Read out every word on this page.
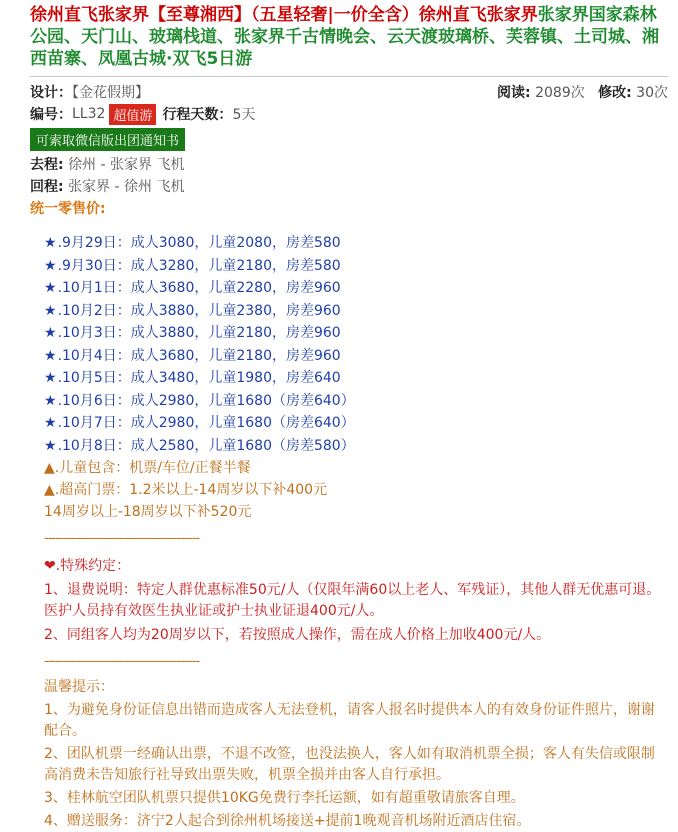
徐州直飞张家界【至尊湘西】（五星轻奢|一价全含）徐州直飞张家界张家界国家森林公园、天门山、玻璃栈道、张家界千古情晚会、云天渡玻璃桥、芙蓉镇、土司城、湘西苗寨、凤凰古城·双飞5日游
设计：【金花假期】	阅读: 2089次 修改: 30次
编号： LL32 超值游 行程天数： 5天
可索取微信版出团通知书
去程: 徐州 - 张家界 飞机
回程: 张家界 - 徐州 飞机
统一零售价:
★.9月29日：成人3080，儿童2080，房差580
★.9月30日：成人3280，儿童2180，房差580
★.10月1日：成人3680，儿童2280，房差960
★.10月2日：成人3880，儿童2380，房差960
★.10月3日：成人3880，儿童2180，房差960
★.10月4日：成人3680，儿童2180，房差960
★.10月5日：成人3480，儿童1980，房差640
★.10月6日：成人2980，儿童1680（房差640）
★.10月7日：成人2980，儿童1680（房差640）
★.10月8日：成人2580，儿童1680（房差580）
▲.儿童包含：机票/车位/正餐半餐
▲.超高门票：1.2米以上-14周岁以下补400元
14周岁以上-18周岁以下补520元
------------------------------------------
❤.特殊约定：
1、退费说明：特定人群优惠标准50元/人（仅限年满60以上老人、军残证），其他人群无优惠可退。医护人员持有效医生执业证或护士执业证退400元/人。
2、同组客人均为20周岁以下，若按照成人操作，需在成人价格上加收400元/人。
------------------------------------------
温馨提示：
1、为避免身份证信息出错而造成客人无法登机，请客人报名时提供本人的有效身份证件照片，谢谢配合。
2、团队机票一经确认出票，不退不改签，也没法换人，客人如有取消机票全损；客人有失信或限制高消费未告知旅行社导致出票失败，机票全损并由客人自行承担。
3、桂林航空团队机票只提供10KG免费行李托运额，如有超重敬请旅客自理。
4、赠送服务：济宁2人起合到徐州机场接送+提前1晚观音机场附近酒店住宿。
